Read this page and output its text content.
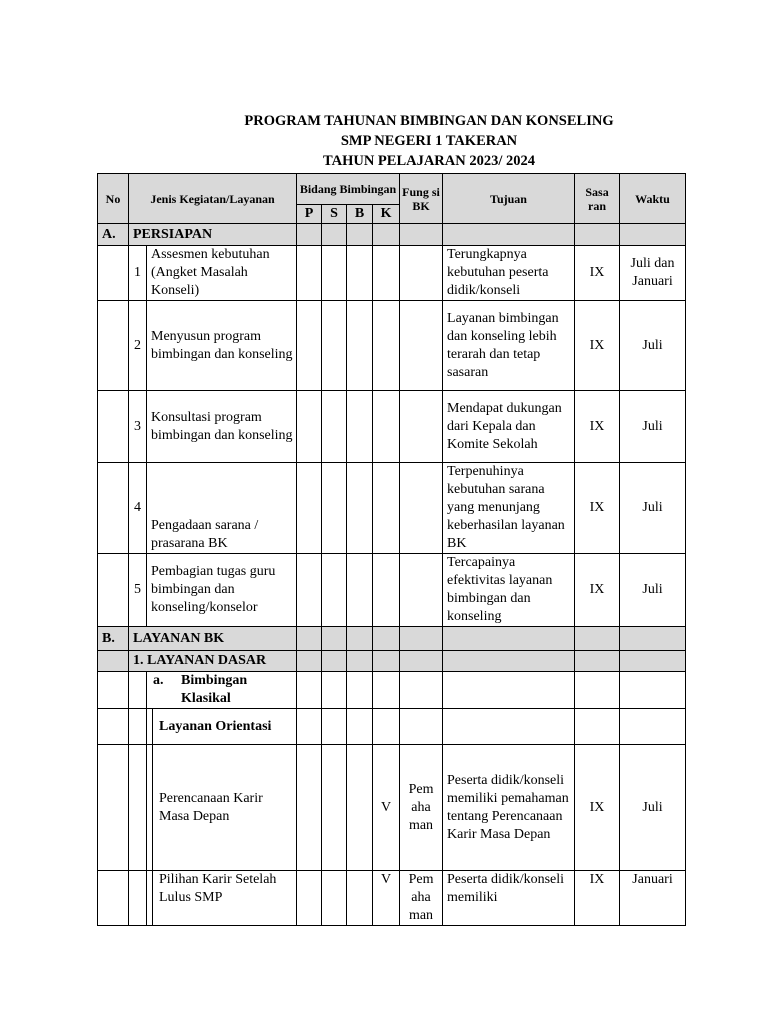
PROGRAM TAHUNAN BIMBINGAN DAN KONSELING
SMP NEGERI 1 TAKERAN
TAHUN PELAJARAN 2023/ 2024
No	Jenis Kegiatan/Layanan			Bidang Bimbingan				Fung si BK	Tujuan	Sasa ran	Waktu
				P	S	B	K				
A.	PERSIAPAN										
	1	Assesmen kebutuhan (Angket Masalah Konseli)							Terungkapnya kebutuhan peserta didik/konseli	IX	Juli dan Januari
	2	Menyusun program bimbingan dan konseling							Layanan bimbingan dan konseling lebih terarah dan tetap sasaran	IX	Juli
	3	Konsultasi program bimbingan dan konseling							Mendapat dukungan dari Kepala dan Komite Sekolah	IX	Juli
	4	Pengadaan sarana / prasarana BK							Terpenuhinya kebutuhan sarana yang menunjang keberhasilan layanan BK	IX	Juli
	5	Pembagian tugas guru bimbingan dan konseling/konselor							Tercapainya efektivitas layanan bimbingan dan konseling	IX	Juli
B.	LAYANAN BK										
	1. LAYANAN DASAR										

		a. Bimbingan Klasikal									

			Layanan Orientasi								
			Perencanaan Karir Masa Depan				V	Pem aha man	Peserta didik/konseli memiliki pemahaman tentang Perencanaan Karir Masa Depan	IX	Juli
			Pilihan Karir Setelah Lulus SMP				V	Pem aha man	Peserta didik/konseli memiliki	IX	Januari
